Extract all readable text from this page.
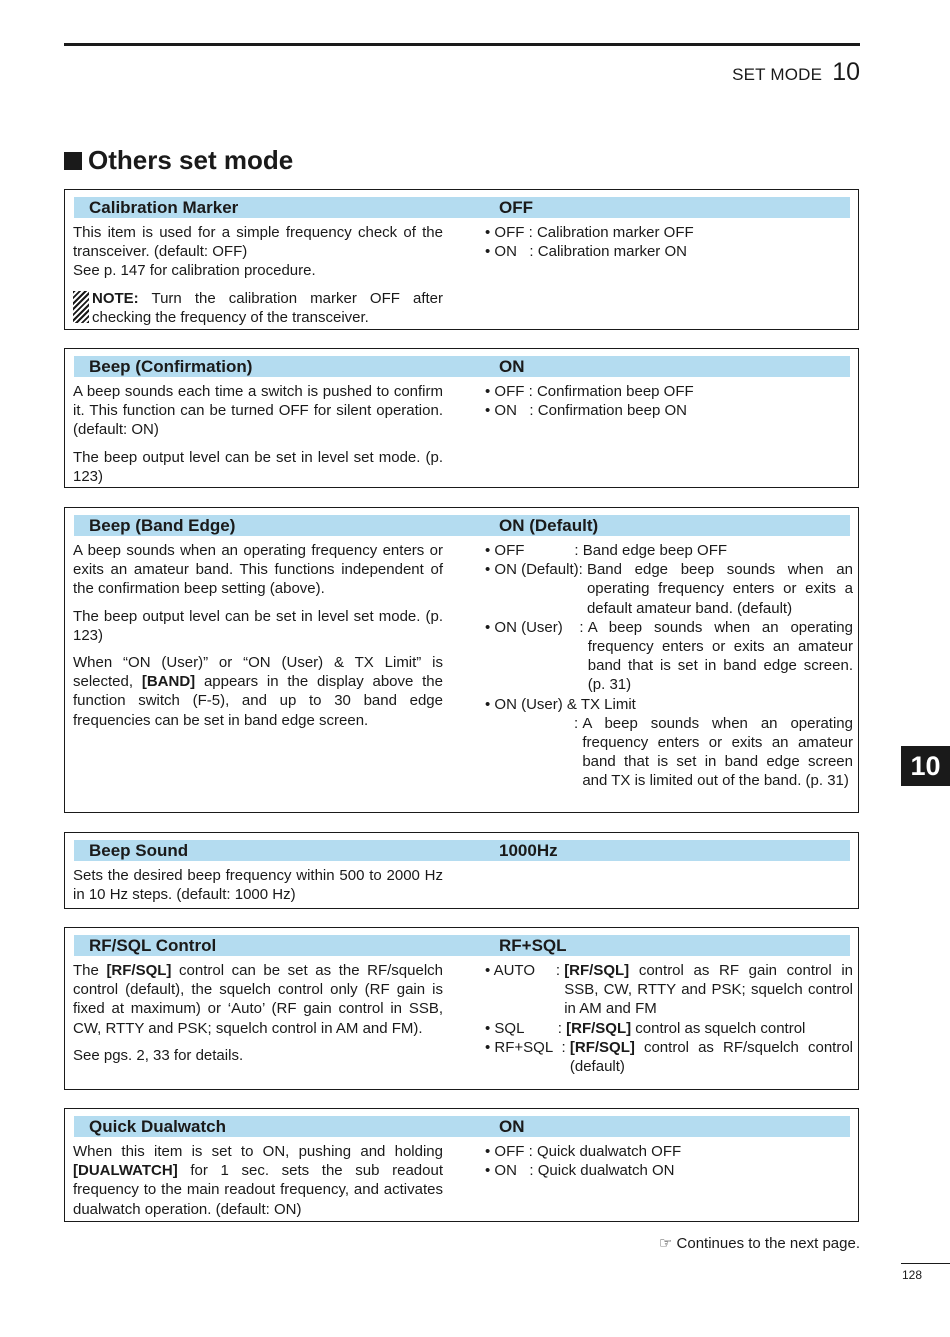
SET MODE 10
Others set mode
Calibration Marker	OFF

This item is used for a simple frequency check of the transceiver. (default: OFF)

See p. 147 for calibration procedure.

NOTE: Turn the calibration marker OFF after checking the frequency of the transceiver.
• OFF : Calibration marker OFF
• ON : Calibration marker ON
Beep (Confirmation)	ON

A beep sounds each time a switch is pushed to confirm it. This function can be turned OFF for silent operation. (default: ON)

The beep output level can be set in level set mode. (p. 123)

• OFF : Confirmation beep OFF
• ON : Confirmation beep ON
Beep (Band Edge)	ON (Default)

A beep sounds when an operating frequency enters or exits an amateur band. This functions independent of the confirmation beep setting (above).

The beep output level can be set in level set mode. (p. 123)

When “ON (User)” or “ON (User) & TX Limit” is selected, [BAND] appears in the display above the function switch (F-5), and up to 30 band edge frequencies can be set in band edge screen.

• OFF : Band edge beep OFF
• ON (Default) : Band edge beep sounds when an operating frequency enters or exits a default amateur band. (default)
• ON (User) : A beep sounds when an operating frequency enters or exits an amateur band that is set in band edge screen. (p. 31)
• ON (User) & TX Limit
: A beep sounds when an operating frequency enters or exits an amateur band that is set in band edge screen and TX is limited out of the band. (p. 31)
Beep Sound	1000Hz

Sets the desired beep frequency within 500 to 2000 Hz in 10 Hz steps. (default: 1000 Hz)

RF/SQL Control	RF+SQL

The [RF/SQL] control can be set as the RF/squelch control (default), the squelch control only (RF gain is fixed at maximum) or ‘Auto’ (RF gain control in SSB, CW, RTTY and PSK; squelch control in AM and FM).

See pgs. 2, 33 for details.

• AUTO : [RF/SQL] control as RF gain control in SSB, CW, RTTY and PSK; squelch control in AM and FM
• SQL : [RF/SQL] control as squelch control
• RF+SQL : [RF/SQL] control as RF/squelch control (default)
Quick Dualwatch	ON

When this item is set to ON, pushing and holding [DUALWATCH] for 1 sec. sets the sub readout frequency to the main readout frequency, and activates dualwatch operation. (default: ON)

• OFF : Quick dualwatch OFF
• ON : Quick dualwatch ON
10
☞ Continues to the next page.
128
